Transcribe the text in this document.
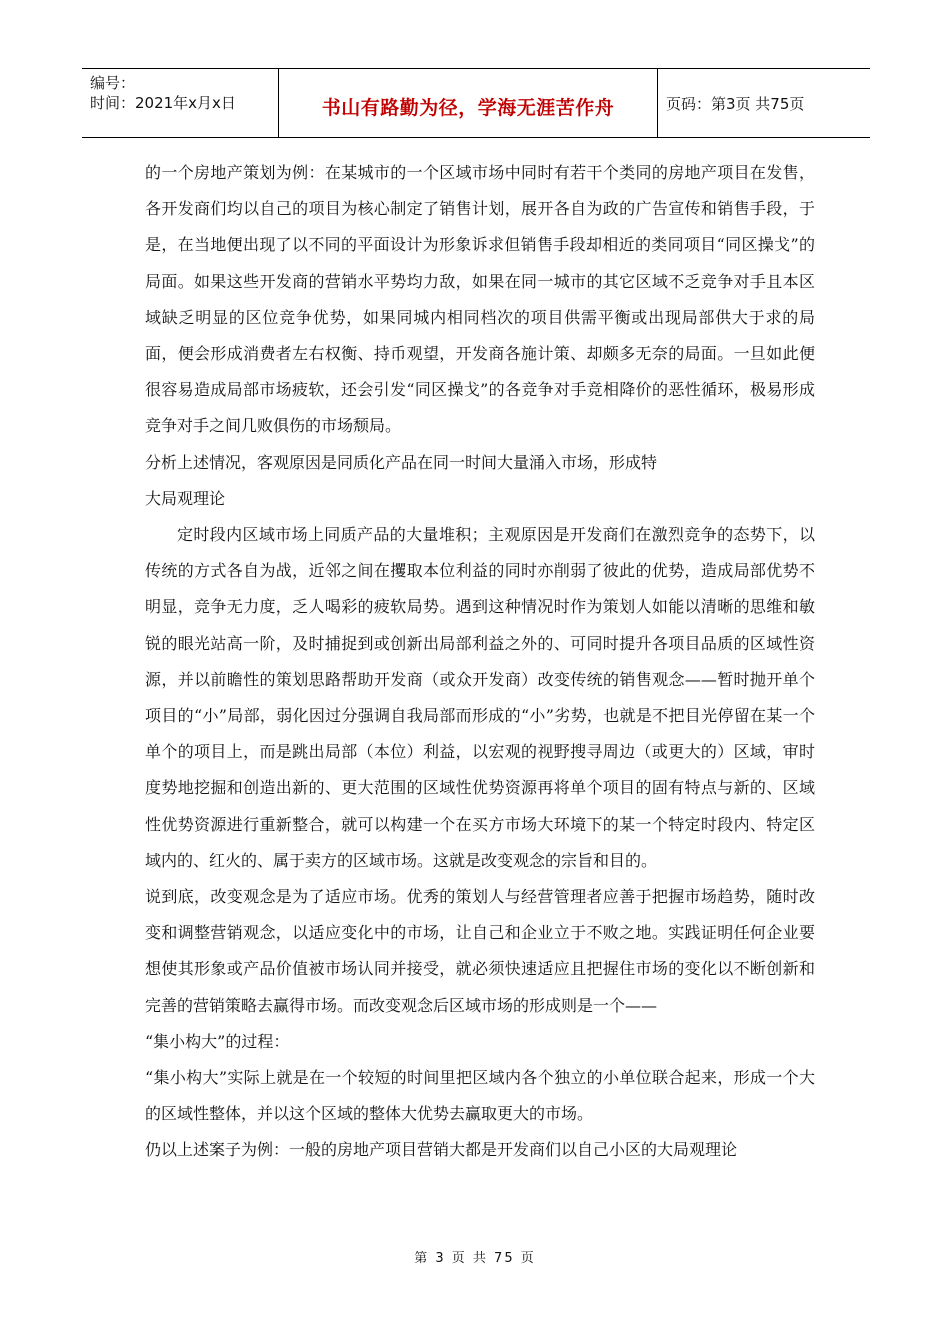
编号：
时间：2021年x月x日	书山有路勤为径，学海无涯苦作舟	页码：第3页 共75页

的一个房地产策划为例：在某城市的一个区域市场中同时有若干个类同的房地产项目在发售，各开发商们均以自己的项目为核心制定了销售计划，展开各自为政的广告宣传和销售手段，于是，在当地便出现了以不同的平面设计为形象诉求但销售手段却相近的类同项目“同区操戈”的局面。如果这些开发商的营销水平势均力敌，如果在同一城市的其它区域不乏竞争对手且本区域缺乏明显的区位竞争优势，如果同城内相同档次的项目供需平衡或出现局部供大于求的局面，便会形成消费者左右权衡、持币观望，开发商各施计策、却颇多无奈的局面。一旦如此便很容易造成局部市场疲软，还会引发“同区操戈”的各竞争对手竞相降价的恶性循环，极易形成竞争对手之间几败俱伤的市场颓局。

分析上述情况，客观原因是同质化产品在同一时间大量涌入市场，形成特

大局观理论

定时段内区域市场上同质产品的大量堆积；主观原因是开发商们在激烈竞争的态势下，以传统的方式各自为战，近邻之间在攫取本位利益的同时亦削弱了彼此的优势，造成局部优势不明显，竞争无力度，乏人喝彩的疲软局势。遇到这种情况时作为策划人如能以清晰的思维和敏锐的眼光站高一阶，及时捕捉到或创新出局部利益之外的、可同时提升各项目品质的区域性资源，并以前瞻性的策划思路帮助开发商（或众开发商）改变传统的销售观念——暂时抛开单个项目的“小”局部，弱化因过分强调自我局部而形成的“小”劣势，也就是不把目光停留在某一个单个的项目上，而是跳出局部（本位）利益，以宏观的视野搜寻周边（或更大的）区域，审时度势地挖掘和创造出新的、更大范围的区域性优势资源再将单个项目的固有特点与新的、区域性优势资源进行重新整合，就可以构建一个在买方市场大环境下的某一个特定时段内、特定区域内的、红火的、属于卖方的区域市场。这就是改变观念的宗旨和目的。

说到底，改变观念是为了适应市场。优秀的策划人与经营管理者应善于把握市场趋势，随时改变和调整营销观念，以适应变化中的市场，让自己和企业立于不败之地。实践证明任何企业要想使其形象或产品价值被市场认同并接受，就必须快速适应且把握住市场的变化以不断创新和完善的营销策略去赢得市场。而改变观念后区域市场的形成则是一个——

“集小构大”的过程：

“集小构大”实际上就是在一个较短的时间里把区域内各个独立的小单位联合起来，形成一个大的区域性整体，并以这个区域的整体大优势去赢取更大的市场。

仍以上述案子为例：一般的房地产项目营销大都是开发商们以自己小区的大局观理论

第 3 页 共 75 页
